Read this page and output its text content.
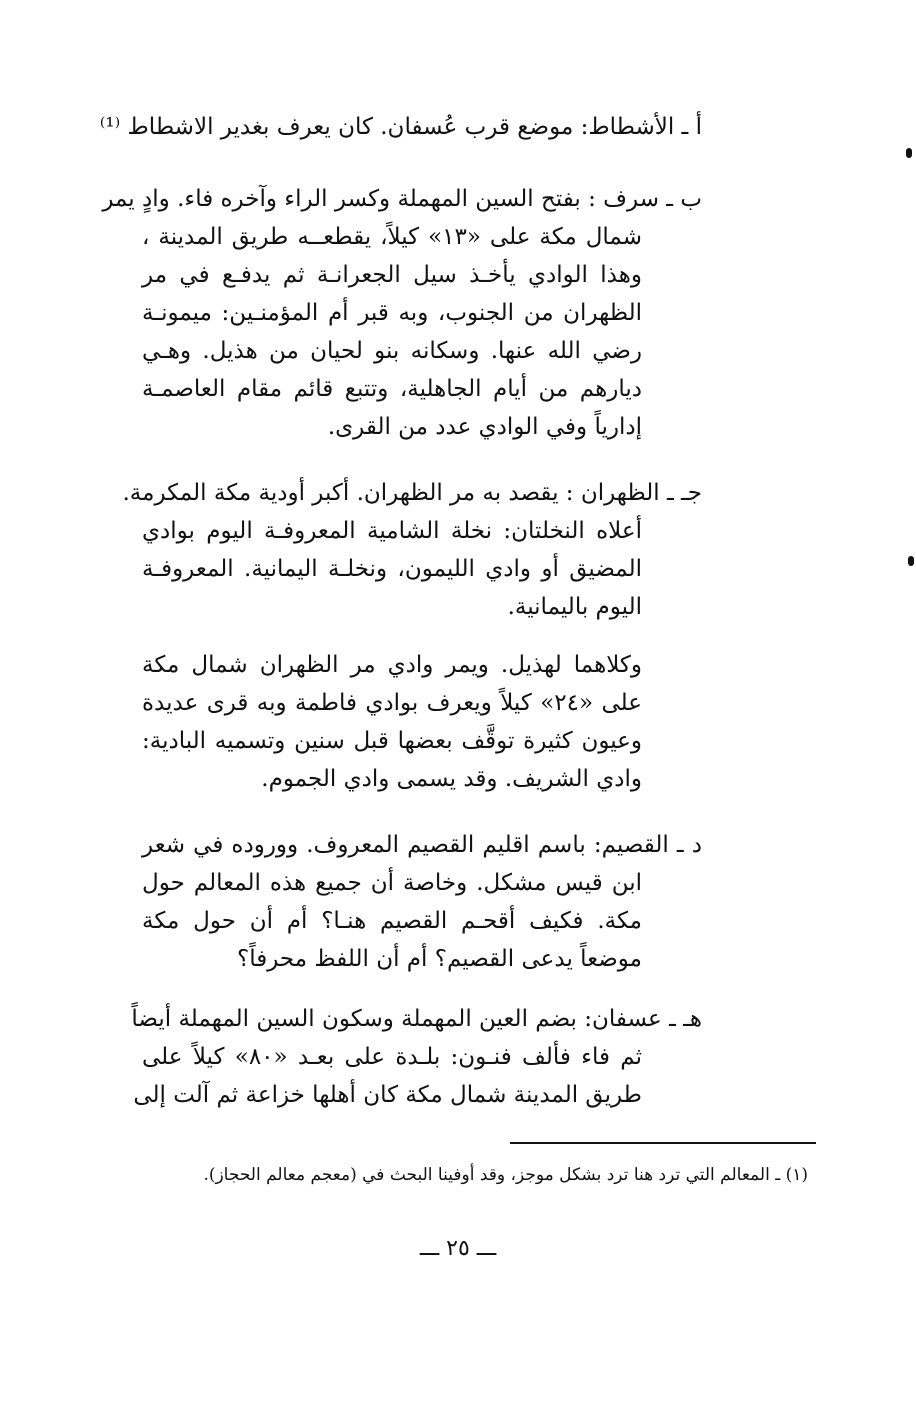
أ ـ الأشطاط: موضع قرب عُسفان. كان يعرف بغدير الاشطاط ⁽¹⁾
ب ـ سرف : بفتح السين المهملة وكسر الراء وآخره فاء. وادٍ يمر
شمال مكة على «١٣» كيلاً، يقطعــه طريق المدينة ،
وهذا الوادي يأخـذ سيل الجعرانـة ثم يدفـع في مر
الظهران من الجنوب، وبه قبر أم المؤمنـين: ميمونـة
رضي الله عنها. وسكانه بنو لحيان من هذيل. وهـي
ديارهم من أيام الجاهلية، وتتبع قائم مقام العاصمـة
إدارياً وفي الوادي عدد من القرى.
جـ ـ الظهران : يقصد به مر الظهران. أكبر أودية مكة المكرمة.
أعلاه النخلتان: نخلة الشامية المعروفـة اليوم بوادي
المضيق أو وادي الليمون، ونخلـة اليمانية. المعروفـة
اليوم باليمانية.
وكلاهما لهذيل. ويمر وادي مر الظهران شمال مكة
على «٢٤» كيلاً ويعرف بوادي فاطمة وبه قرى عديدة
وعيون كثيرة توقَّف بعضها قبل سنين وتسميه البادية:
وادي الشريف. وقد يسمى وادي الجموم.
د ـ القصيم: باسم اقليم القصيم المعروف. ووروده في شعر
ابن قيس مشكل. وخاصة أن جميع هذه المعالم حول
مكة. فكيف أقحـم القصيم هنـا؟ أم أن حول مكة
موضعاً يدعى القصيم؟ أم أن اللفظ محرفاً؟
هـ ـ عسفان: بضم العين المهملة وسكون السين المهملة أيضاً
ثم فاء فألف فنـون: بلـدة على بعـد «٨٠» كيلاً على
طريق المدينة شمال مكة كان أهلها خزاعة ثم آلت إلى
(١) ـ المعالم التي ترد هنا ترد بشكل موجز، وقد أوفينا البحث في (معجم معالم الحجاز).
ـــ ٢٥ ـــ
